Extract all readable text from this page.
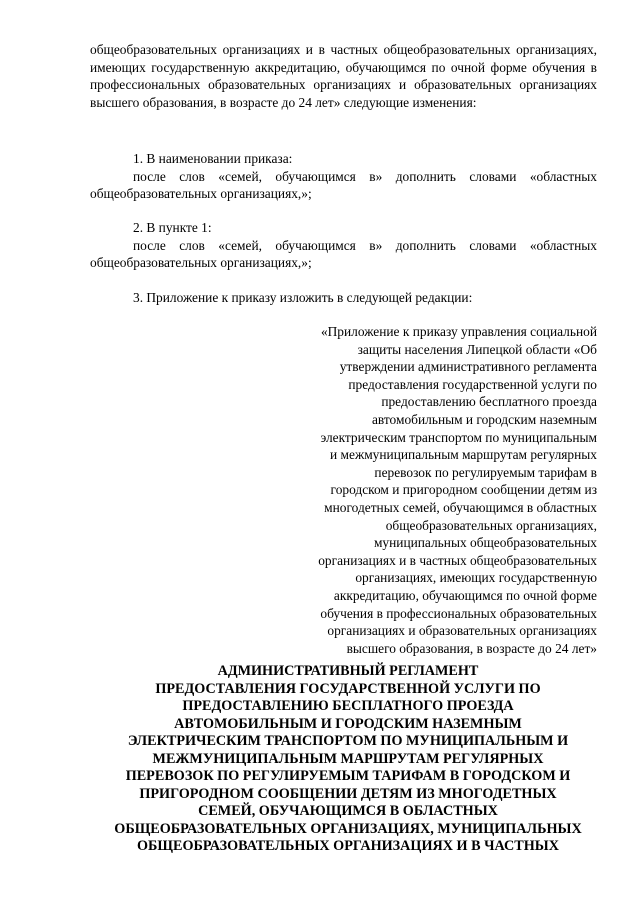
общеобразовательных организациях и в частных общеобразовательных организациях, имеющих государственную аккредитацию, обучающимся по очной форме обучения в профессиональных образовательных организациях и образовательных организациях высшего образования, в возрасте до 24 лет» следующие изменения:

1. В наименовании приказа:

после слов «семей, обучающимся в» дополнить словами «областных общеобразовательных организациях,»;

2. В пункте 1:

после слов «семей, обучающимся в» дополнить словами «областных общеобразовательных организациях,»;

3. Приложение к приказу изложить в следующей редакции:

«Приложение к приказу управления социальной
защиты населения Липецкой области «Об
утверждении административного регламента
предоставления государственной услуги по
предоставлению бесплатного проезда
автомобильным и городским наземным
электрическим транспортом по муниципальным
и межмуниципальным маршрутам регулярных
перевозок по регулируемым тарифам в
городском и пригородном сообщении детям из
многодетных семей, обучающимся в областных
общеобразовательных организациях,
муниципальных общеобразовательных
организациях и в частных общеобразовательных
организациях, имеющих государственную
аккредитацию, обучающимся по очной форме
обучения в профессиональных образовательных
организациях и образовательных организациях
высшего образования, в возрасте до 24 лет»
АДМИНИСТРАТИВНЫЙ РЕГЛАМЕНТ
ПРЕДОСТАВЛЕНИЯ ГОСУДАРСТВЕННОЙ УСЛУГИ ПО
ПРЕДОСТАВЛЕНИЮ БЕСПЛАТНОГО ПРОЕЗДА
АВТОМОБИЛЬНЫМ И ГОРОДСКИМ НАЗЕМНЫМ
ЭЛЕКТРИЧЕСКИМ ТРАНСПОРТОМ ПО МУНИЦИПАЛЬНЫМ И
МЕЖМУНИЦИПАЛЬНЫМ МАРШРУТАМ РЕГУЛЯРНЫХ
ПЕРЕВОЗОК ПО РЕГУЛИРУЕМЫМ ТАРИФАМ В ГОРОДСКОМ И
ПРИГОРОДНОМ СООБЩЕНИИ ДЕТЯМ ИЗ МНОГОДЕТНЫХ
СЕМЕЙ, ОБУЧАЮЩИМСЯ В ОБЛАСТНЫХ
ОБЩЕОБРАЗОВАТЕЛЬНЫХ ОРГАНИЗАЦИЯХ, МУНИЦИПАЛЬНЫХ
ОБЩЕОБРАЗОВАТЕЛЬНЫХ ОРГАНИЗАЦИЯХ И В ЧАСТНЫХ
